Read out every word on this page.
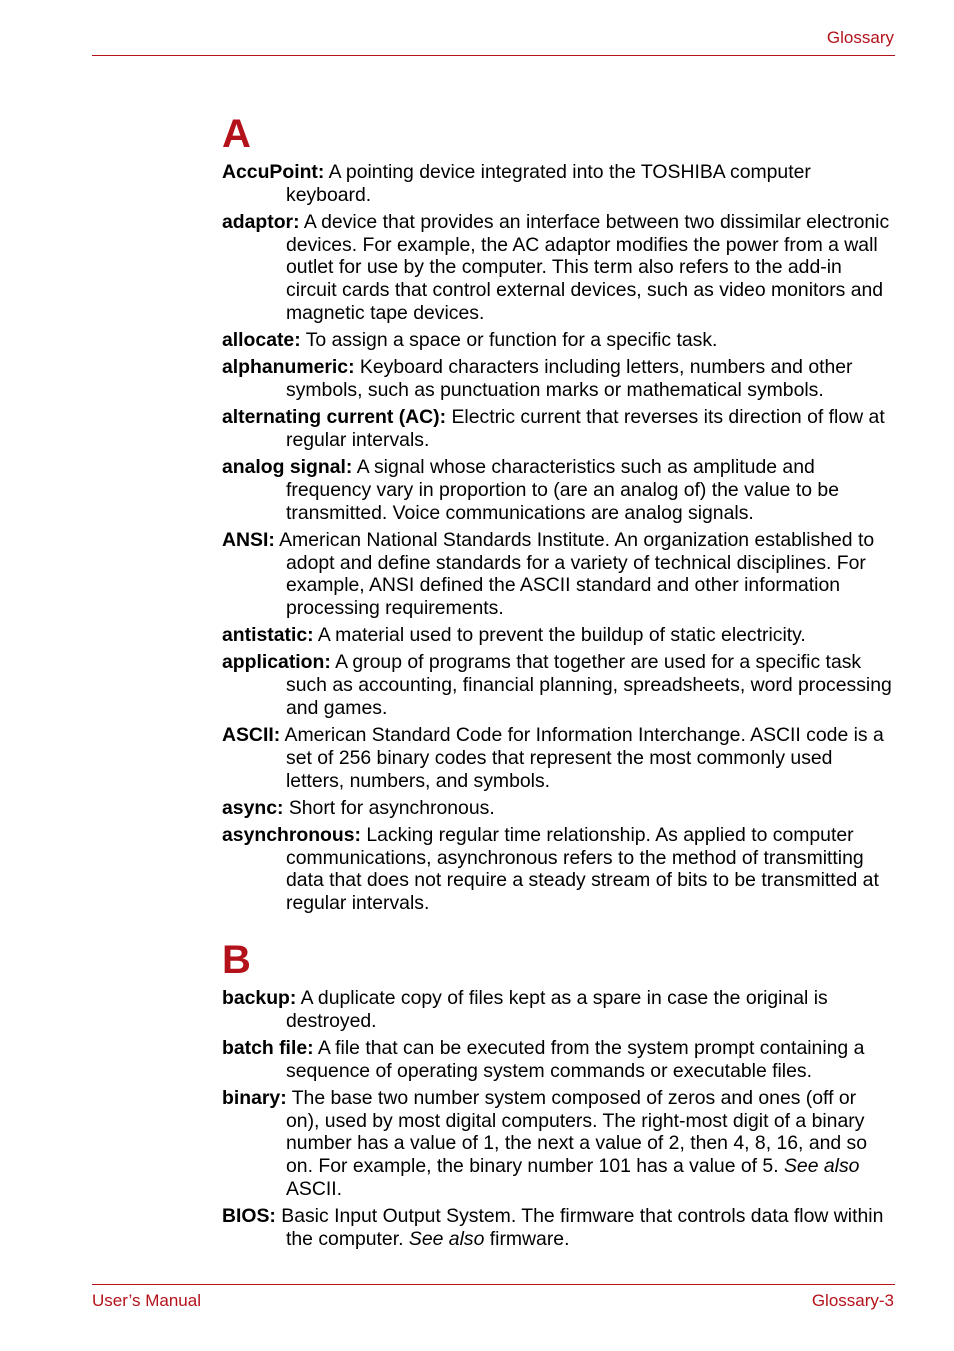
Glossary
A

AccuPoint: A pointing device integrated into the TOSHIBA computer keyboard.

adaptor: A device that provides an interface between two dissimilar electronic devices. For example, the AC adaptor modifies the power from a wall outlet for use by the computer. This term also refers to the add-in circuit cards that control external devices, such as video monitors and magnetic tape devices.

allocate: To assign a space or function for a specific task.

alphanumeric: Keyboard characters including letters, numbers and other symbols, such as punctuation marks or mathematical symbols.

alternating current (AC): Electric current that reverses its direction of flow at regular intervals.

analog signal: A signal whose characteristics such as amplitude and frequency vary in proportion to (are an analog of) the value to be transmitted. Voice communications are analog signals.

ANSI: American National Standards Institute. An organization established to adopt and define standards for a variety of technical disciplines. For example, ANSI defined the ASCII standard and other information processing requirements.

antistatic: A material used to prevent the buildup of static electricity.

application: A group of programs that together are used for a specific task such as accounting, financial planning, spreadsheets, word processing and games.

ASCII: American Standard Code for Information Interchange. ASCII code is a set of 256 binary codes that represent the most commonly used letters, numbers, and symbols.

async: Short for asynchronous.

asynchronous: Lacking regular time relationship. As applied to computer communications, asynchronous refers to the method of transmitting data that does not require a steady stream of bits to be transmitted at regular intervals.

B

backup: A duplicate copy of files kept as a spare in case the original is destroyed.

batch file: A file that can be executed from the system prompt containing a sequence of operating system commands or executable files.

binary: The base two number system composed of zeros and ones (off or on), used by most digital computers. The right-most digit of a binary number has a value of 1, the next a value of 2, then 4, 8, 16, and so on. For example, the binary number 101 has a value of 5. See also ASCII.

BIOS: Basic Input Output System. The firmware that controls data flow within the computer. See also firmware.

User’s Manual	Glossary-3
